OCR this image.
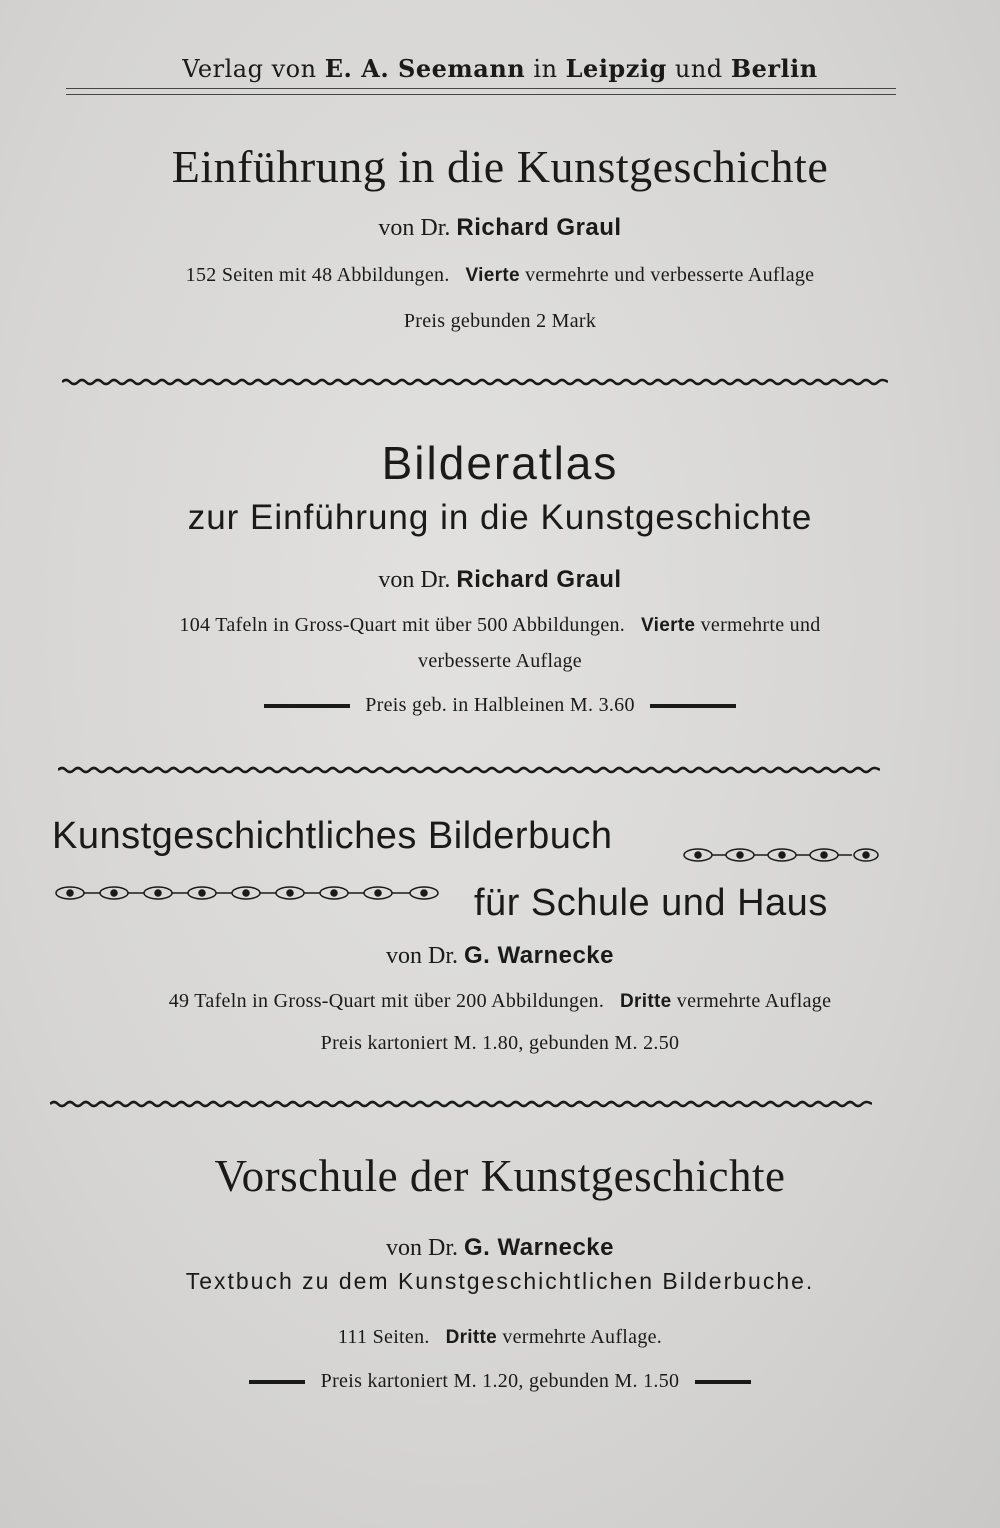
Verlag von E. A. Seemann in Leipzig und Berlin
Einführung in die Kunstgeschichte
von Dr. Richard Graul
152 Seiten mit 48 Abbildungen. Vierte vermehrte und verbesserte Auflage
Preis gebunden 2 Mark
Bilderatlas
zur Einführung in die Kunstgeschichte
von Dr. Richard Graul
104 Tafeln in Gross-Quart mit über 500 Abbildungen. Vierte vermehrte und
verbesserte Auflage
Preis geb. in Halbleinen M. 3.60
Kunstgeschichtliches Bilderbuch
für Schule und Haus
von Dr. G. Warnecke
49 Tafeln in Gross-Quart mit über 200 Abbildungen. Dritte vermehrte Auflage
Preis kartoniert M. 1.80, gebunden M. 2.50
Vorschule der Kunstgeschichte
von Dr. G. Warnecke
Textbuch zu dem Kunstgeschichtlichen Bilderbuche.
111 Seiten. Dritte vermehrte Auflage.
Preis kartoniert M. 1.20, gebunden M. 1.50
